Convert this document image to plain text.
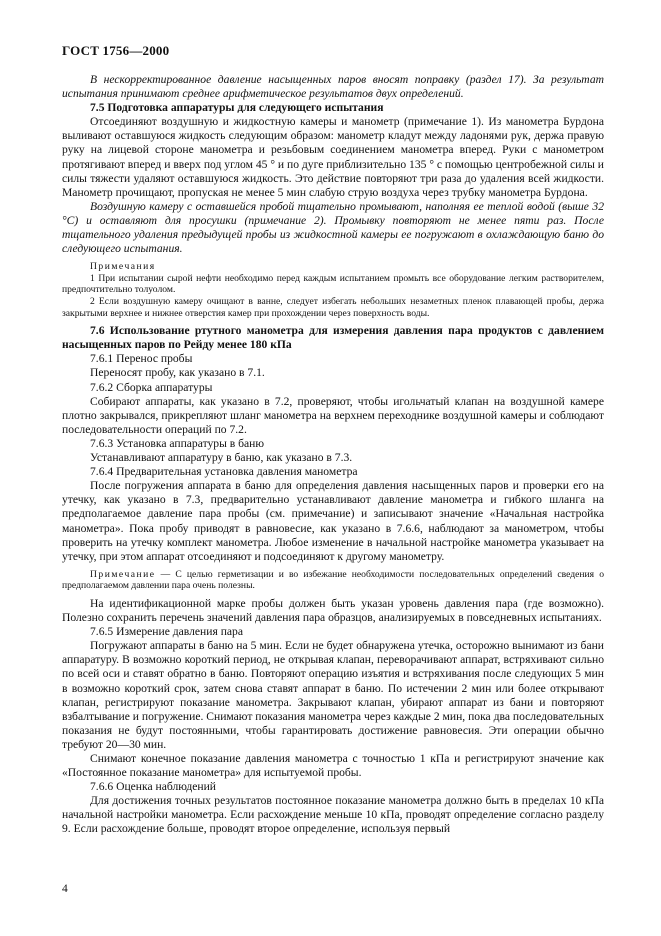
ГОСТ 1756—2000

В нескорректированное давление насыщенных паров вносят поправку (раздел 17). За результат испытания принимают среднее арифметическое результатов двух определений.

7.5 Подготовка аппаратуры для следующего испытания

Отсоединяют воздушную и жидкостную камеры и манометр (примечание 1). Из манометра Бурдона выливают оставшуюся жидкость следующим образом: манометр кладут между ладонями рук, держа правую руку на лицевой стороне манометра и резьбовым соединением манометра вперед. Руки с манометром протягивают вперед и вверх под углом 45 ° и по дуге приблизительно 135 ° с помощью центробежной силы и силы тяжести удаляют оставшуюся жидкость. Это действие повторяют три раза до удаления всей жидкости. Манометр прочищают, пропуская не менее 5 мин слабую струю воздуха через трубку манометра Бурдона.

Воздушную камеру с оставшейся пробой тщательно промывают, наполняя ее теплой водой (выше 32 °С) и оставляют для просушки (примечание 2). Промывку повторяют не менее пяти раз. После тщательного удаления предыдущей пробы из жидкостной камеры ее погружают в охлаждающую баню до следующего испытания.

Примечания

1 При испытании сырой нефти необходимо перед каждым испытанием промыть все оборудование легким растворителем, предпочтительно толуолом.

2 Если воздушную камеру очищают в ванне, следует избегать небольших незаметных пленок плавающей пробы, держа закрытыми верхнее и нижнее отверстия камер при прохождении через поверхность воды.

7.6 Использование ртутного манометра для измерения давления пара продуктов с давлением насыщенных паров по Рейду менее 180 кПа

7.6.1 Перенос пробы

Переносят пробу, как указано в 7.1.

7.6.2 Сборка аппаратуры

Собирают аппараты, как указано в 7.2, проверяют, чтобы игольчатый клапан на воздушной камере плотно закрывался, прикрепляют шланг манометра на верхнем переходнике воздушной камеры и соблюдают последовательности операций по 7.2.

7.6.3 Установка аппаратуры в баню

Устанавливают аппаратуру в баню, как указано в 7.3.

7.6.4 Предварительная установка давления манометра

После погружения аппарата в баню для определения давления насыщенных паров и проверки его на утечку, как указано в 7.3, предварительно устанавливают давление манометра и гибкого шланга на предполагаемое давление пара пробы (см. примечание) и записывают значение «Начальная настройка манометра». Пока пробу приводят в равновесие, как указано в 7.6.6, наблюдают за манометром, чтобы проверить на утечку комплект манометра. Любое изменение в начальной настройке манометра указывает на утечку, при этом аппарат отсоединяют и подсоединяют к другому манометру.

Примечание — С целью герметизации и во избежание необходимости последовательных определений сведения о предполагаемом давлении пара очень полезны.

На идентификационной марке пробы должен быть указан уровень давления пара (где возможно). Полезно сохранить перечень значений давления пара образцов, анализируемых в повседневных испытаниях.

7.6.5 Измерение давления пара

Погружают аппараты в баню на 5 мин. Если не будет обнаружена утечка, осторожно вынимают из бани аппаратуру. В возможно короткий период, не открывая клапан, переворачивают аппарат, встряхивают сильно по всей оси и ставят обратно в баню. Повторяют операцию изъятия и встряхивания после следующих 5 мин в возможно короткий срок, затем снова ставят аппарат в баню. По истечении 2 мин или более открывают клапан, регистрируют показание манометра. Закрывают клапан, убирают аппарат из бани и повторяют взбалтывание и погружение. Снимают показания манометра через каждые 2 мин, пока два последовательных показания не будут постоянными, чтобы гарантировать достижение равновесия. Эти операции обычно требуют 20—30 мин.

Снимают конечное показание давления манометра с точностью 1 кПа и регистрируют значение как «Постоянное показание манометра» для испытуемой пробы.

7.6.6 Оценка наблюдений

Для достижения точных результатов постоянное показание манометра должно быть в пределах 10 кПа начальной настройки манометра. Если расхождение меньше 10 кПа, проводят определение согласно разделу 9. Если расхождение больше, проводят второе определение, используя первый

4
